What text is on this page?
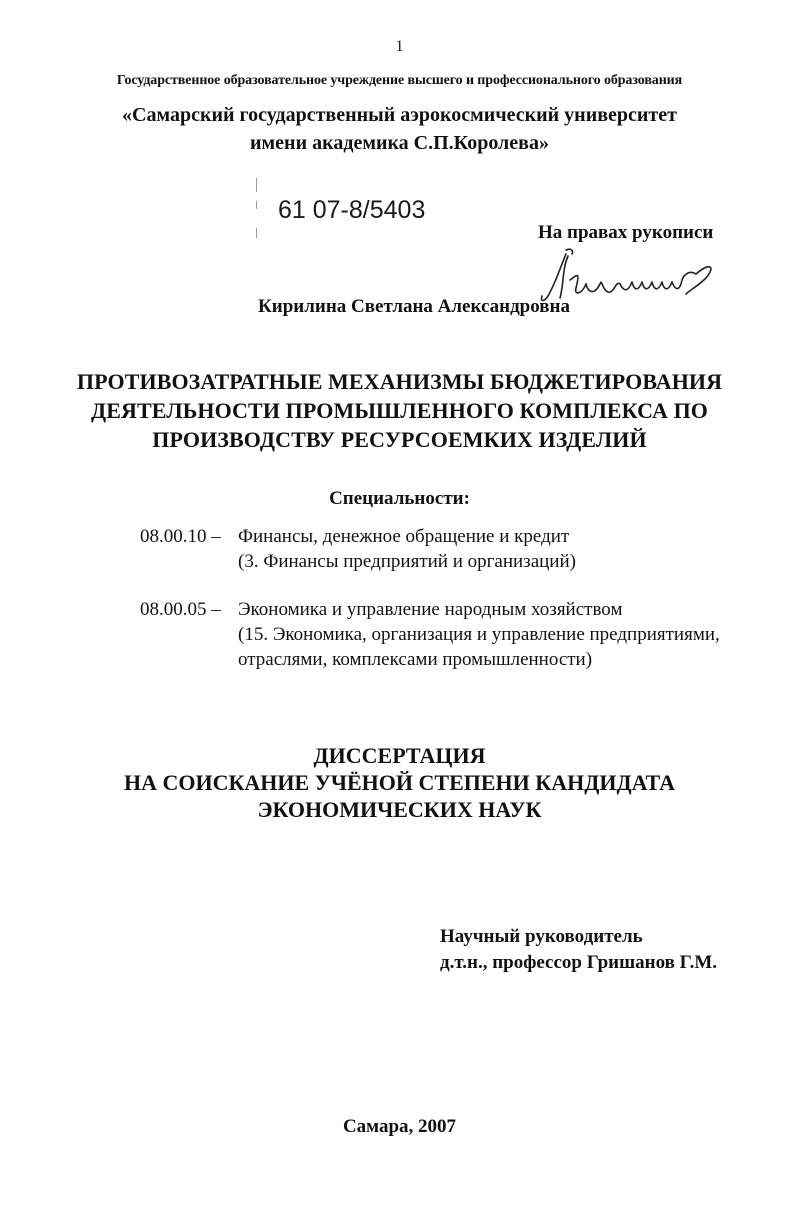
1
Государственное образовательное учреждение высшего и профессионального образования
«Самарский государственный аэрокосмический университет
имени академика С.П.Королева»
61 07-8/5403
На правах рукописи
Кирилина Светлана Александровна
ПРОТИВОЗАТРАТНЫЕ МЕХАНИЗМЫ БЮДЖЕТИРОВАНИЯ
ДЕЯТЕЛЬНОСТИ ПРОМЫШЛЕННОГО КОМПЛЕКСА ПО
ПРОИЗВОДСТВУ РЕСУРСОЕМКИХ ИЗДЕЛИЙ
Специальности:
08.00.10 – Финансы, денежное обращение и кредит
(3. Финансы предприятий и организаций)
08.00.05 – Экономика и управление народным хозяйством
(15. Экономика, организация и управление предприятиями,
отраслями, комплексами промышленности)
ДИССЕРТАЦИЯ
НА СОИСКАНИЕ УЧЁНОЙ СТЕПЕНИ КАНДИДАТА
ЭКОНОМИЧЕСКИХ НАУК
Научный руководитель
д.т.н., профессор Гришанов Г.М.
Самара, 2007
